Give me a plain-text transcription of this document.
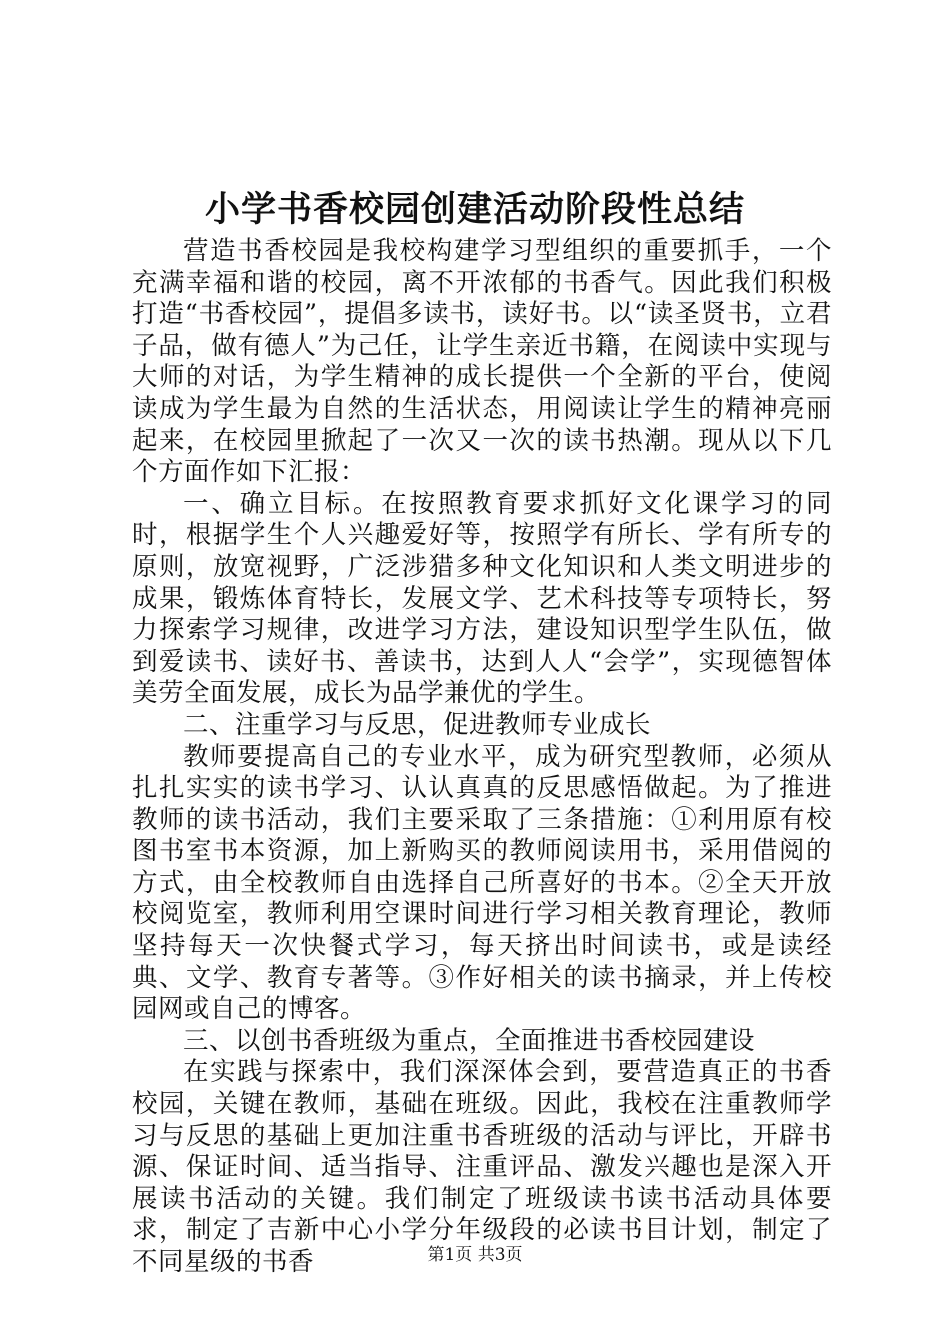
小学书香校园创建活动阶段性总结

营造书香校园是我校构建学习型组织的重要抓手，一个充满幸福和谐的校园，离不开浓郁的书香气。因此我们积极打造“书香校园”，提倡多读书，读好书。以“读圣贤书，立君子品，做有德人”为己任，让学生亲近书籍，在阅读中实现与大师的对话，为学生精神的成长提供一个全新的平台，使阅读成为学生最为自然的生活状态，用阅读让学生的精神亮丽起来，在校园里掀起了一次又一次的读书热潮。现从以下几个方面作如下汇报：

一、确立目标。在按照教育要求抓好文化课学习的同时，根据学生个人兴趣爱好等，按照学有所长、学有所专的原则，放宽视野，广泛涉猎多种文化知识和人类文明进步的成果，锻炼体育特长，发展文学、艺术科技等专项特长，努力探索学习规律，改进学习方法，建设知识型学生队伍，做到爱读书、读好书、善读书，达到人人“会学”，实现德智体美劳全面发展，成长为品学兼优的学生。

二、注重学习与反思，促进教师专业成长

教师要提高自己的专业水平，成为研究型教师，必须从扎扎实实的读书学习、认认真真的反思感悟做起。为了推进教师的读书活动，我们主要采取了三条措施：①利用原有校图书室书本资源，加上新购买的教师阅读用书，采用借阅的方式，由全校教师自由选择自己所喜好的书本。②全天开放校阅览室，教师利用空课时间进行学习相关教育理论，教师坚持每天一次快餐式学习，每天挤出时间读书，或是读经典、文学、教育专著等。③作好相关的读书摘录，并上传校园网或自己的博客。

三、以创书香班级为重点，全面推进书香校园建设

在实践与探索中，我们深深体会到，要营造真正的书香校园，关键在教师，基础在班级。因此，我校在注重教师学习与反思的基础上更加注重书香班级的活动与评比，开辟书源、保证时间、适当指导、注重评品、激发兴趣也是深入开展读书活动的关键。我们制定了班级读书读书活动具体要求，制定了吉新中心小学分年级段的必读书目计划，制定了不同星级的书香	第1页 共3页
